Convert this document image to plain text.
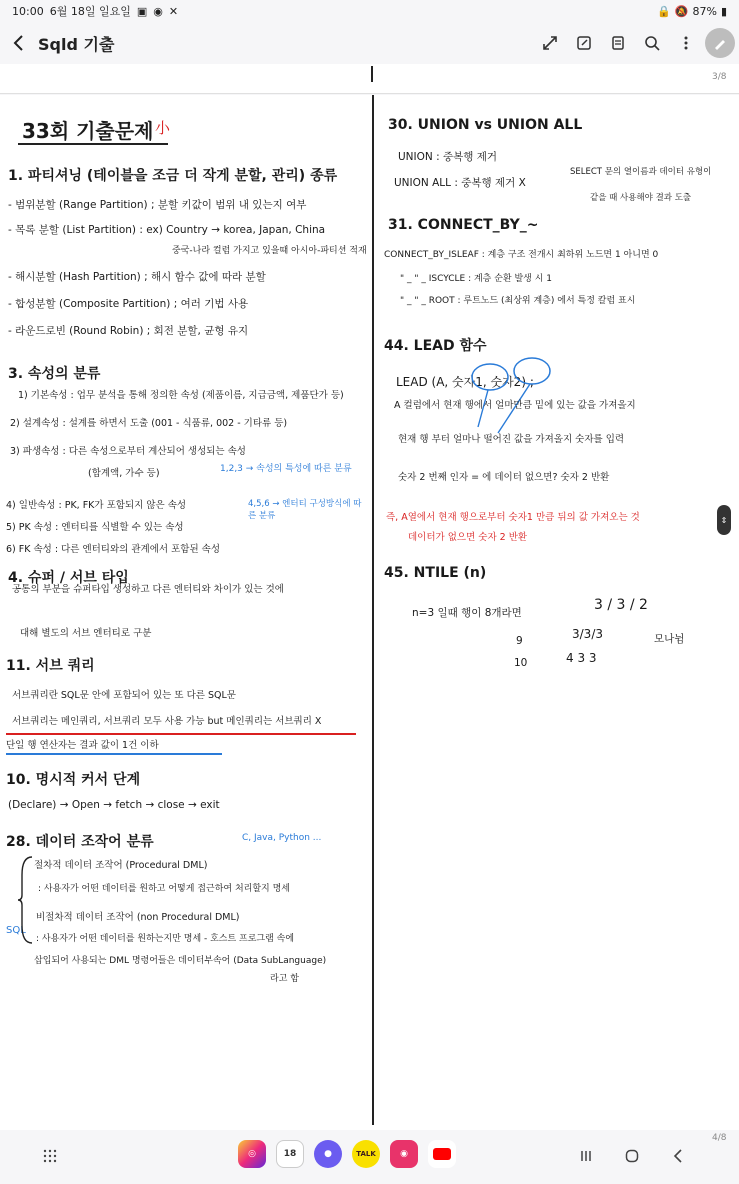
10:00 6월 18일 일요일 ▣ ◉ ✕	🔒 🔕 87% ▮
Sqld 기출
3/8
33회 기출문제 小
1. 파티셔닝 (테이블을 조금 더 작게 분할, 관리) 종류
- 범위분할 (Range Partition) ; 분할 키값이 범위 내 있는지 여부
- 목록 분할 (List Partition) : ex) Country → korea, Japan, China
중국-나라 컬럼 가지고 있을때 아시아-파티션 적재
- 해시분할 (Hash Partition) ; 해시 함수 값에 따라 분할
- 합성분할 (Composite Partition) ; 여러 기법 사용
- 라운드로빈 (Round Robin) ; 회전 분할, 균형 유지
3. 속성의 분류
1) 기본속성 : 업무 분석을 통해 정의한 속성 (제품이름, 지급금액, 제품단가 등)
2) 설계속성 : 설계를 하면서 도출 (001 - 식품류, 002 - 기타류 등)
3) 파생속성 : 다른 속성으로부터 계산되어 생성되는 속성
(합계액, 가수 등)	1,2,3 → 속성의 특성에 따른 분류
4) 일반속성 : PK, FK가 포함되지 않은 속성
5) PK 속성 : 엔터티를 식별할 수 있는 속성
6) FK 속성 : 다른 엔터티와의 관계에서 포함된 속성
4,5,6 → 엔터티 구성방식에 따른 분류
4. 슈퍼 / 서브 타입
공통의 부분을 슈퍼타입 생성하고 다른 엔터티와 차이가 있는 것에
대해 별도의 서브 엔터티로 구분
11. 서브 쿼리
서브쿼리란 SQL문 안에 포함되어 있는 또 다른 SQL문
서브쿼리는 메인쿼리, 서브쿼리 모두 사용 가능 but 메인쿼리는 서브쿼리 X
단일 행 연산자는 결과 값이 1건 이하
10. 명시적 커서 단계
(Declare) → Open → fetch → close → exit
28. 데이터 조작어 분류	C, Java, Python ...
절차적 데이터 조작어 (Procedural DML)
: 사용자가 어떤 데이터를 원하고 어떻게 접근하여 처리할지 명세
비절차적 데이터 조작어 (non Procedural DML)
: 사용자가 어떤 데이터를 원하는지만 명세 - 호스트 프로그램 속에
삽입되어 사용되는 DML 명령어들은 데이터부속어 (Data SubLanguage)
라고 함
SQL
30. UNION vs UNION ALL
UNION : 중복행 제거
UNION ALL : 중복행 제거 X
SELECT 문의 열이름과 데이터 유형이
같을 때 사용해야 결과 도출
31. CONNECT_BY_~
CONNECT_BY_ISLEAF : 계층 구조 전개시 최하위 노드면 1 아니면 0
" _ " _ ISCYCLE : 계층 순환 발생 시 1
" _ " _ ROOT : 루트노드 (최상위 계층) 에서 특정 칼럼 표시
44. LEAD 함수
LEAD (A, 숫자1, 숫자2) ;
A 컬럼에서 현재 행에서 얼마만큼 밑에 있는 값을 가져올지
현재 행 부터 얼마나 떨어진 값을 가져올지 숫자를 입력
숫자 2 번째 인자 = 에 데이터 없으면? 숫자 2 반환
즉, A열에서 현재 행으로부터 숫자1 만큼 뒤의 값 가져오는 것
데이터가 없으면 숫자 2 반환
45. NTILE (n)
n=3 일때 행이 8개라면	3 / 3 / 2
9	3/3/3
10	4 3 3
모나뉨
⇕
4/8
◎	18	●	TALK	◉
